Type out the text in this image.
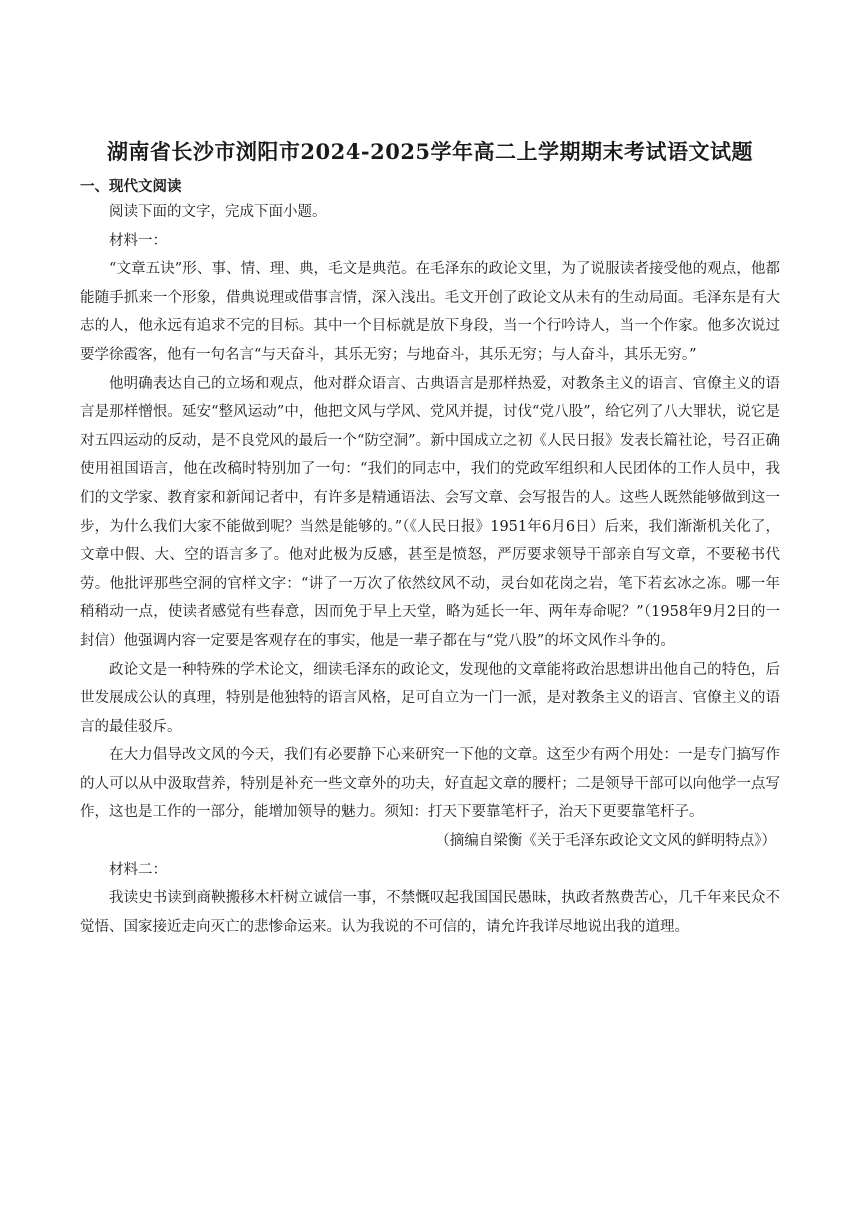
湖南省长沙市浏阳市2024-2025学年高二上学期期末考试语文试题
一、现代文阅读

阅读下面的文字，完成下面小题。

材料一：

“文章五诀”形、事、情、理、典，毛文是典范。在毛泽东的政论文里，为了说服读者接受他的观点，他都能随手抓来一个形象，借典说理或借事言情，深入浅出。毛文开创了政论文从未有的生动局面。毛泽东是有大志的人，他永远有追求不完的目标。其中一个目标就是放下身段，当一个行吟诗人，当一个作家。他多次说过要学徐霞客，他有一句名言“与天奋斗，其乐无穷；与地奋斗，其乐无穷；与人奋斗，其乐无穷。”

他明确表达自己的立场和观点，他对群众语言、古典语言是那样热爱，对教条主义的语言、官僚主义的语言是那样憎恨。延安“整风运动”中，他把文风与学风、党风并提，讨伐“党八股”，给它列了八大罪状，说它是对五四运动的反动，是不良党风的最后一个“防空洞”。新中国成立之初《人民日报》发表长篇社论，号召正确使用祖国语言，他在改稿时特别加了一句：“我们的同志中，我们的党政军组织和人民团体的工作人员中，我们的文学家、教育家和新闻记者中，有许多是精通语法、会写文章、会写报告的人。这些人既然能够做到这一步，为什么我们大家不能做到呢？当然是能够的。”（《人民日报》1951年6月6日）后来，我们渐渐机关化了，文章中假、大、空的语言多了。他对此极为反感，甚至是愤怒，严厉要求领导干部亲自写文章，不要秘书代劳。他批评那些空洞的官样文字：“讲了一万次了依然纹风不动，灵台如花岗之岩，笔下若玄冰之冻。哪一年稍稍动一点，使读者感觉有些春意，因而免于早上天堂，略为延长一年、两年寿命呢？”（1958年9月2日的一封信）他强调内容一定要是客观存在的事实，他是一辈子都在与“党八股”的坏文风作斗争的。

政论文是一种特殊的学术论文，细读毛泽东的政论文，发现他的文章能将政治思想讲出他自己的特色，后世发展成公认的真理，特别是他独特的语言风格，足可自立为一门一派，是对教条主义的语言、官僚主义的语言的最佳驳斥。

在大力倡导改文风的今天，我们有必要静下心来研究一下他的文章。这至少有两个用处：一是专门搞写作的人可以从中汲取营养，特别是补充一些文章外的功夫，好直起文章的腰杆；二是领导干部可以向他学一点写作，这也是工作的一部分，能增加领导的魅力。须知：打天下要靠笔杆子，治天下更要靠笔杆子。

（摘编自梁衡《关于毛泽东政论文文风的鲜明特点》）

材料二：

我读史书读到商鞅搬移木杆树立诚信一事，不禁慨叹起我国国民愚昧，执政者熬费苦心，几千年来民众不觉悟、国家接近走向灭亡的悲惨命运来。认为我说的不可信的，请允许我详尽地说出我的道理。
